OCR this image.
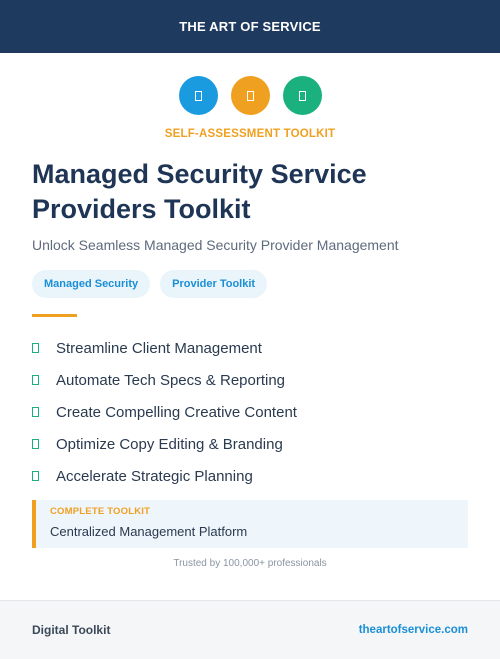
THE ART OF SERVICE
SELF-ASSESSMENT TOOLKIT
Managed Security Service
Providers Toolkit
Unlock Seamless Managed Security Provider Management
Managed Security	Provider Toolkit
Streamline Client Management
Automate Tech Specs & Reporting
Create Compelling Creative Content
Optimize Copy Editing & Branding
Accelerate Strategic Planning
COMPLETE TOOLKIT
Centralized Management Platform
Trusted by 100,000+ professionals
Digital Toolkit	theartofservice.com
